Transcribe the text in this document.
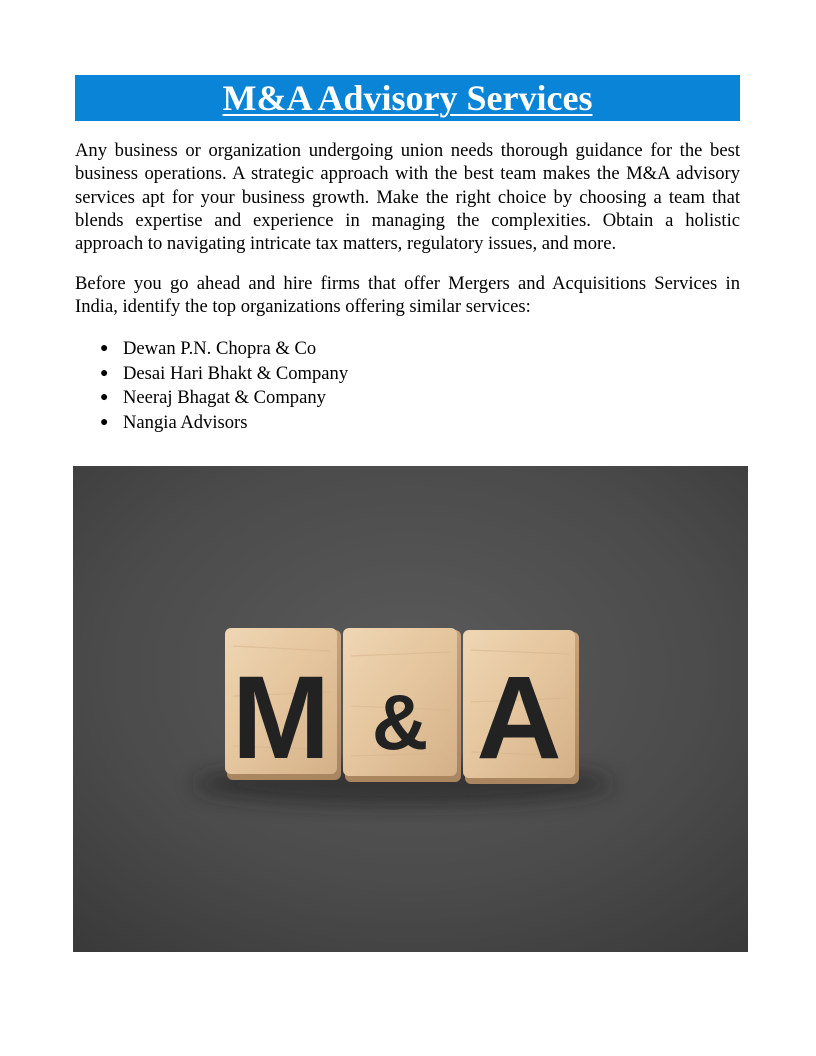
M&A Advisory Services

Any business or organization undergoing union needs thorough guidance for the best business operations. A strategic approach with the best team makes the M&A advisory services apt for your business growth. Make the right choice by choosing a team that blends expertise and experience in managing the complexities. Obtain a holistic approach to navigating intricate tax matters, regulatory issues, and more.

Before you go ahead and hire firms that offer Mergers and Acquisitions Services in India, identify the top organizations offering similar services:

● Dewan P.N. Chopra & Co
● Desai Hari Bhakt & Company
● Neeraj Bhagat & Company
● Nangia Advisors
M & A
